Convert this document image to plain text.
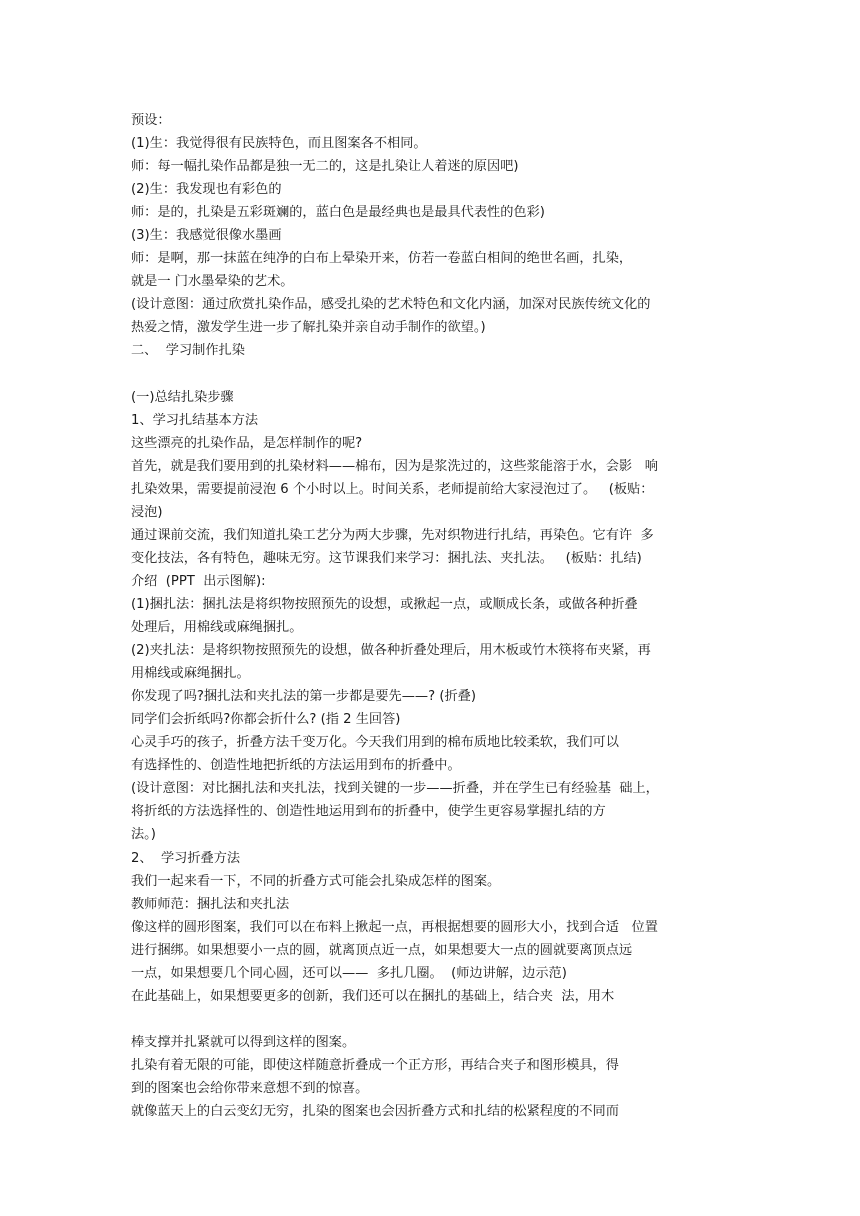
预设：
(1)生：我觉得很有民族特色，而且图案各不相同。
师：每一幅扎染作品都是独一无二的，这是扎染让人着迷的原因吧)
(2)生：我发现也有彩色的
师：是的，扎染是五彩斑斓的，蓝白色是最经典也是最具代表性的色彩)
(3)生：我感觉很像水墨画
师：是啊，那一抹蓝在纯净的白布上晕染开来，仿若一卷蓝白相间的绝世名画，扎染，
就是一 门水墨晕染的艺术。
(设计意图：通过欣赏扎染作品，感受扎染的艺术特色和文化内涵，加深对民族传统文化的
热爱之情，激发学生进一步了解扎染并亲自动手制作的欲望。)
二、  学习制作扎染
(一)总结扎染步骤
1、学习扎结基本方法
这些漂亮的扎染作品，是怎样制作的呢?
首先，就是我们要用到的扎染材料——棉布，因为是浆洗过的，这些浆能溶于水，会影   响
扎染效果，需要提前浸泡 6 个小时以上。时间关系，老师提前给大家浸泡过了。   (板贴：
浸泡)
通过课前交流，我们知道扎染工艺分为两大步骤，先对织物进行扎结，再染色。它有许  多
变化技法，各有特色，趣味无穷。这节课我们来学习：捆扎法、夹扎法。   (板贴：扎结)
介绍  (PPT  出示图解):
(1)捆扎法：捆扎法是将织物按照预先的设想，或揪起一点，或顺成长条，或做各种折叠
处理后，用棉线或麻绳捆扎。
(2)夹扎法：是将织物按照预先的设想，做各种折叠处理后，用木板或竹木筷将布夹紧，再
用棉线或麻绳捆扎。
你发现了吗?捆扎法和夹扎法的第一步都是要先——? (折叠)
同学们会折纸吗?你都会折什么? (指 2 生回答)
心灵手巧的孩子，折叠方法千变万化。今天我们用到的棉布质地比较柔软，我们可以
有选择性的、创造性地把折纸的方法运用到布的折叠中。
(设计意图：对比捆扎法和夹扎法，找到关键的一步——折叠，并在学生已有经验基  础上，
将折纸的方法选择性的、创造性地运用到布的折叠中，使学生更容易掌握扎结的方
法。)
2、  学习折叠方法
我们一起来看一下，不同的折叠方式可能会扎染成怎样的图案。
教师师范：捆扎法和夹扎法
像这样的圆形图案，我们可以在布料上揪起一点，再根据想要的圆形大小，找到合适   位置
进行捆绑。如果想要小一点的圆，就离顶点近一点，如果想要大一点的圆就要离顶点远
一点，如果想要几个同心圆，还可以——  多扎几圈。  (师边讲解，边示范)
在此基础上，如果想要更多的创新，我们还可以在捆扎的基础上，结合夹  法，用木
棒支撑并扎紧就可以得到这样的图案。
扎染有着无限的可能，即使这样随意折叠成一个正方形，再结合夹子和图形模具，得
到的图案也会给你带来意想不到的惊喜。
就像蓝天上的白云变幻无穷，扎染的图案也会因折叠方式和扎结的松紧程度的不同而
